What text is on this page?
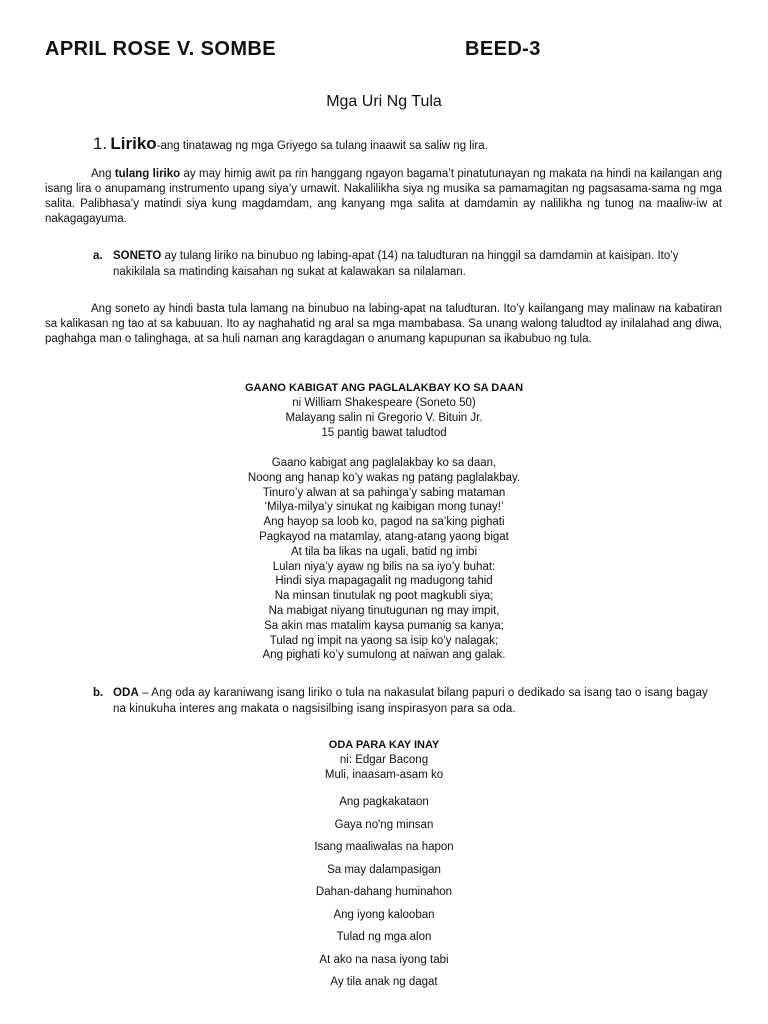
APRIL ROSE V. SOMBE	BEED-3
Mga Uri Ng Tula
1. Liriko-ang tinatawag ng mga Griyego sa tulang inaawit sa saliw ng lira.
Ang tulang liriko ay may himig awit pa rin hanggang ngayon bagama’t pinatutunayan ng makata na hindi na kailangan ang isang lira o anupamang instrumento upang siya’y umawit. Nakalilikha siya ng musika sa pamamagitan ng pagsasama-sama ng mga salita. Palibhasa’y matindi siya kung magdamdam, ang kanyang mga salita at damdamin ay nalilikha ng tunog na maaliw-iw at nakagagayuma.
a. SONETO ay tulang liriko na binubuo ng labing-apat (14) na taludturan na hinggil sa damdamin at kaisipan. Ito’y nakikilala sa matinding kaisahan ng sukat at kalawakan sa nilalaman.
Ang soneto ay hindi basta tula lamang na binubuo na labing-apat na taludturan. Ito’y kailangang may malinaw na kabatiran sa kalikasan ng tao at sa kabuuan. Ito ay naghahatid ng aral sa mga mambabasa. Sa unang walong taludtod ay inilalahad ang diwa, paghahga man o talinghaga, at sa huli naman ang karagdagan o anumang kapupunan sa ikabubuo ng tula.
GAANO KABIGAT ANG PAGLALAKBAY KO SA DAAN
ni William Shakespeare (Soneto 50)
Malayang salin ni Gregorio V. Bituin Jr.
15 pantig bawat taludtod
Gaano kabigat ang paglalakbay ko sa daan,
Noong ang hanap ko’y wakas ng patang paglalakbay.
Tinuro’y alwan at sa pahinga’y sabing mataman
‘Milya-milya’y sinukat ng kaibigan mong tunay!’
Ang hayop sa loob ko, pagod na sa’king pighati
Pagkayod na matamlay, atang-atang yaong bigat
At tila ba likas na ugali, batid ng imbi
Lulan niya’y ayaw ng bilis na sa iyo’y buhat:
Hindi siya mapagagalit ng madugong tahid
Na minsan tinutulak ng poot magkubli siya;
Na mabigat niyang tinutugunan ng may impit,
Sa akin mas matalim kaysa pumanig sa kanya;
Tulad ng impit na yaong sa isip ko’y nalagak;
Ang pighati ko’y sumulong at naiwan ang galak.
b. ODA – Ang oda ay karaniwang isang liriko o tula na nakasulat bilang papuri o dedikado sa isang tao o isang bagay na kinukuha interes ang makata o nagsisilbing isang inspirasyon para sa oda.
ODA PARA KAY INAY
ni: Edgar Bacong
Muli, inaasam-asam ko
Ang pagkakataon
Gaya no'ng minsan
Isang maaliwalas na hapon
Sa may dalampasigan
Dahan-dahang huminahon
Ang iyong kalooban
Tulad ng mga alon
At ako na nasa iyong tabi
Ay tila anak ng dagat
